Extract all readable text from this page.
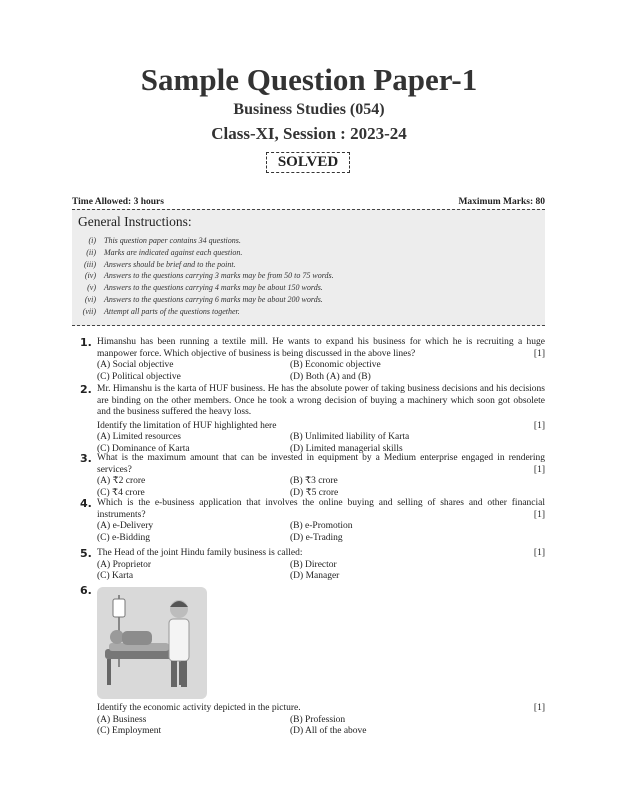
Sample Question Paper-1
Business Studies (054)
Class-XI, Session : 2023-24
SOLVED
Time Allowed: 3 hours	Maximum Marks: 80
General Instructions:
(i) This question paper contains 34 questions.
(ii) Marks are indicated against each question.
(iii) Answers should be brief and to the point.
(iv) Answers to the questions carrying 3 marks may be from 50 to 75 words.
(v) Answers to the questions carrying 4 marks may be about 150 words.
(vi) Answers to the questions carrying 6 marks may be about 200 words.
(vii) Attempt all parts of the questions together.
1. Himanshu has been running a textile mill. He wants to expand his business for which he is recruiting a huge manpower force. Which objective of business is being discussed in the above lines?	[1]
(A) Social objective	(B) Economic objective
(C) Political objective	(D) Both (A) and (B)
2. Mr. Himanshu is the karta of HUF business. He has the absolute power of taking business decisions and his decisions are binding on the other members. Once he took a wrong decision of buying a machinery which soon got obsolete and the business suffered the heavy loss.
Identify the limitation of HUF highlighted here	[1]
(A) Limited resources	(B) Unlimited liability of Karta
(C) Dominance of Karta	(D) Limited managerial skills
3. What is the maximum amount that can be invested in equipment by a Medium enterprise engaged in rendering services?	[1]
(A) ₹2 crore	(B) ₹3 crore
(C) ₹4 crore	(D) ₹5 crore
4. Which is the e-business application that involves the online buying and selling of shares and other financial instruments?	[1]
(A) e-Delivery	(B) e-Promotion
(C) e-Bidding	(D) e-Trading
5. The Head of the joint Hindu family business is called:	[1]
(A) Proprietor	(B) Director
(C) Karta	(D) Manager
6.
Identify the economic activity depicted in the picture.	[1]
(A) Business	(B) Profession
(C) Employment	(D) All of the above
